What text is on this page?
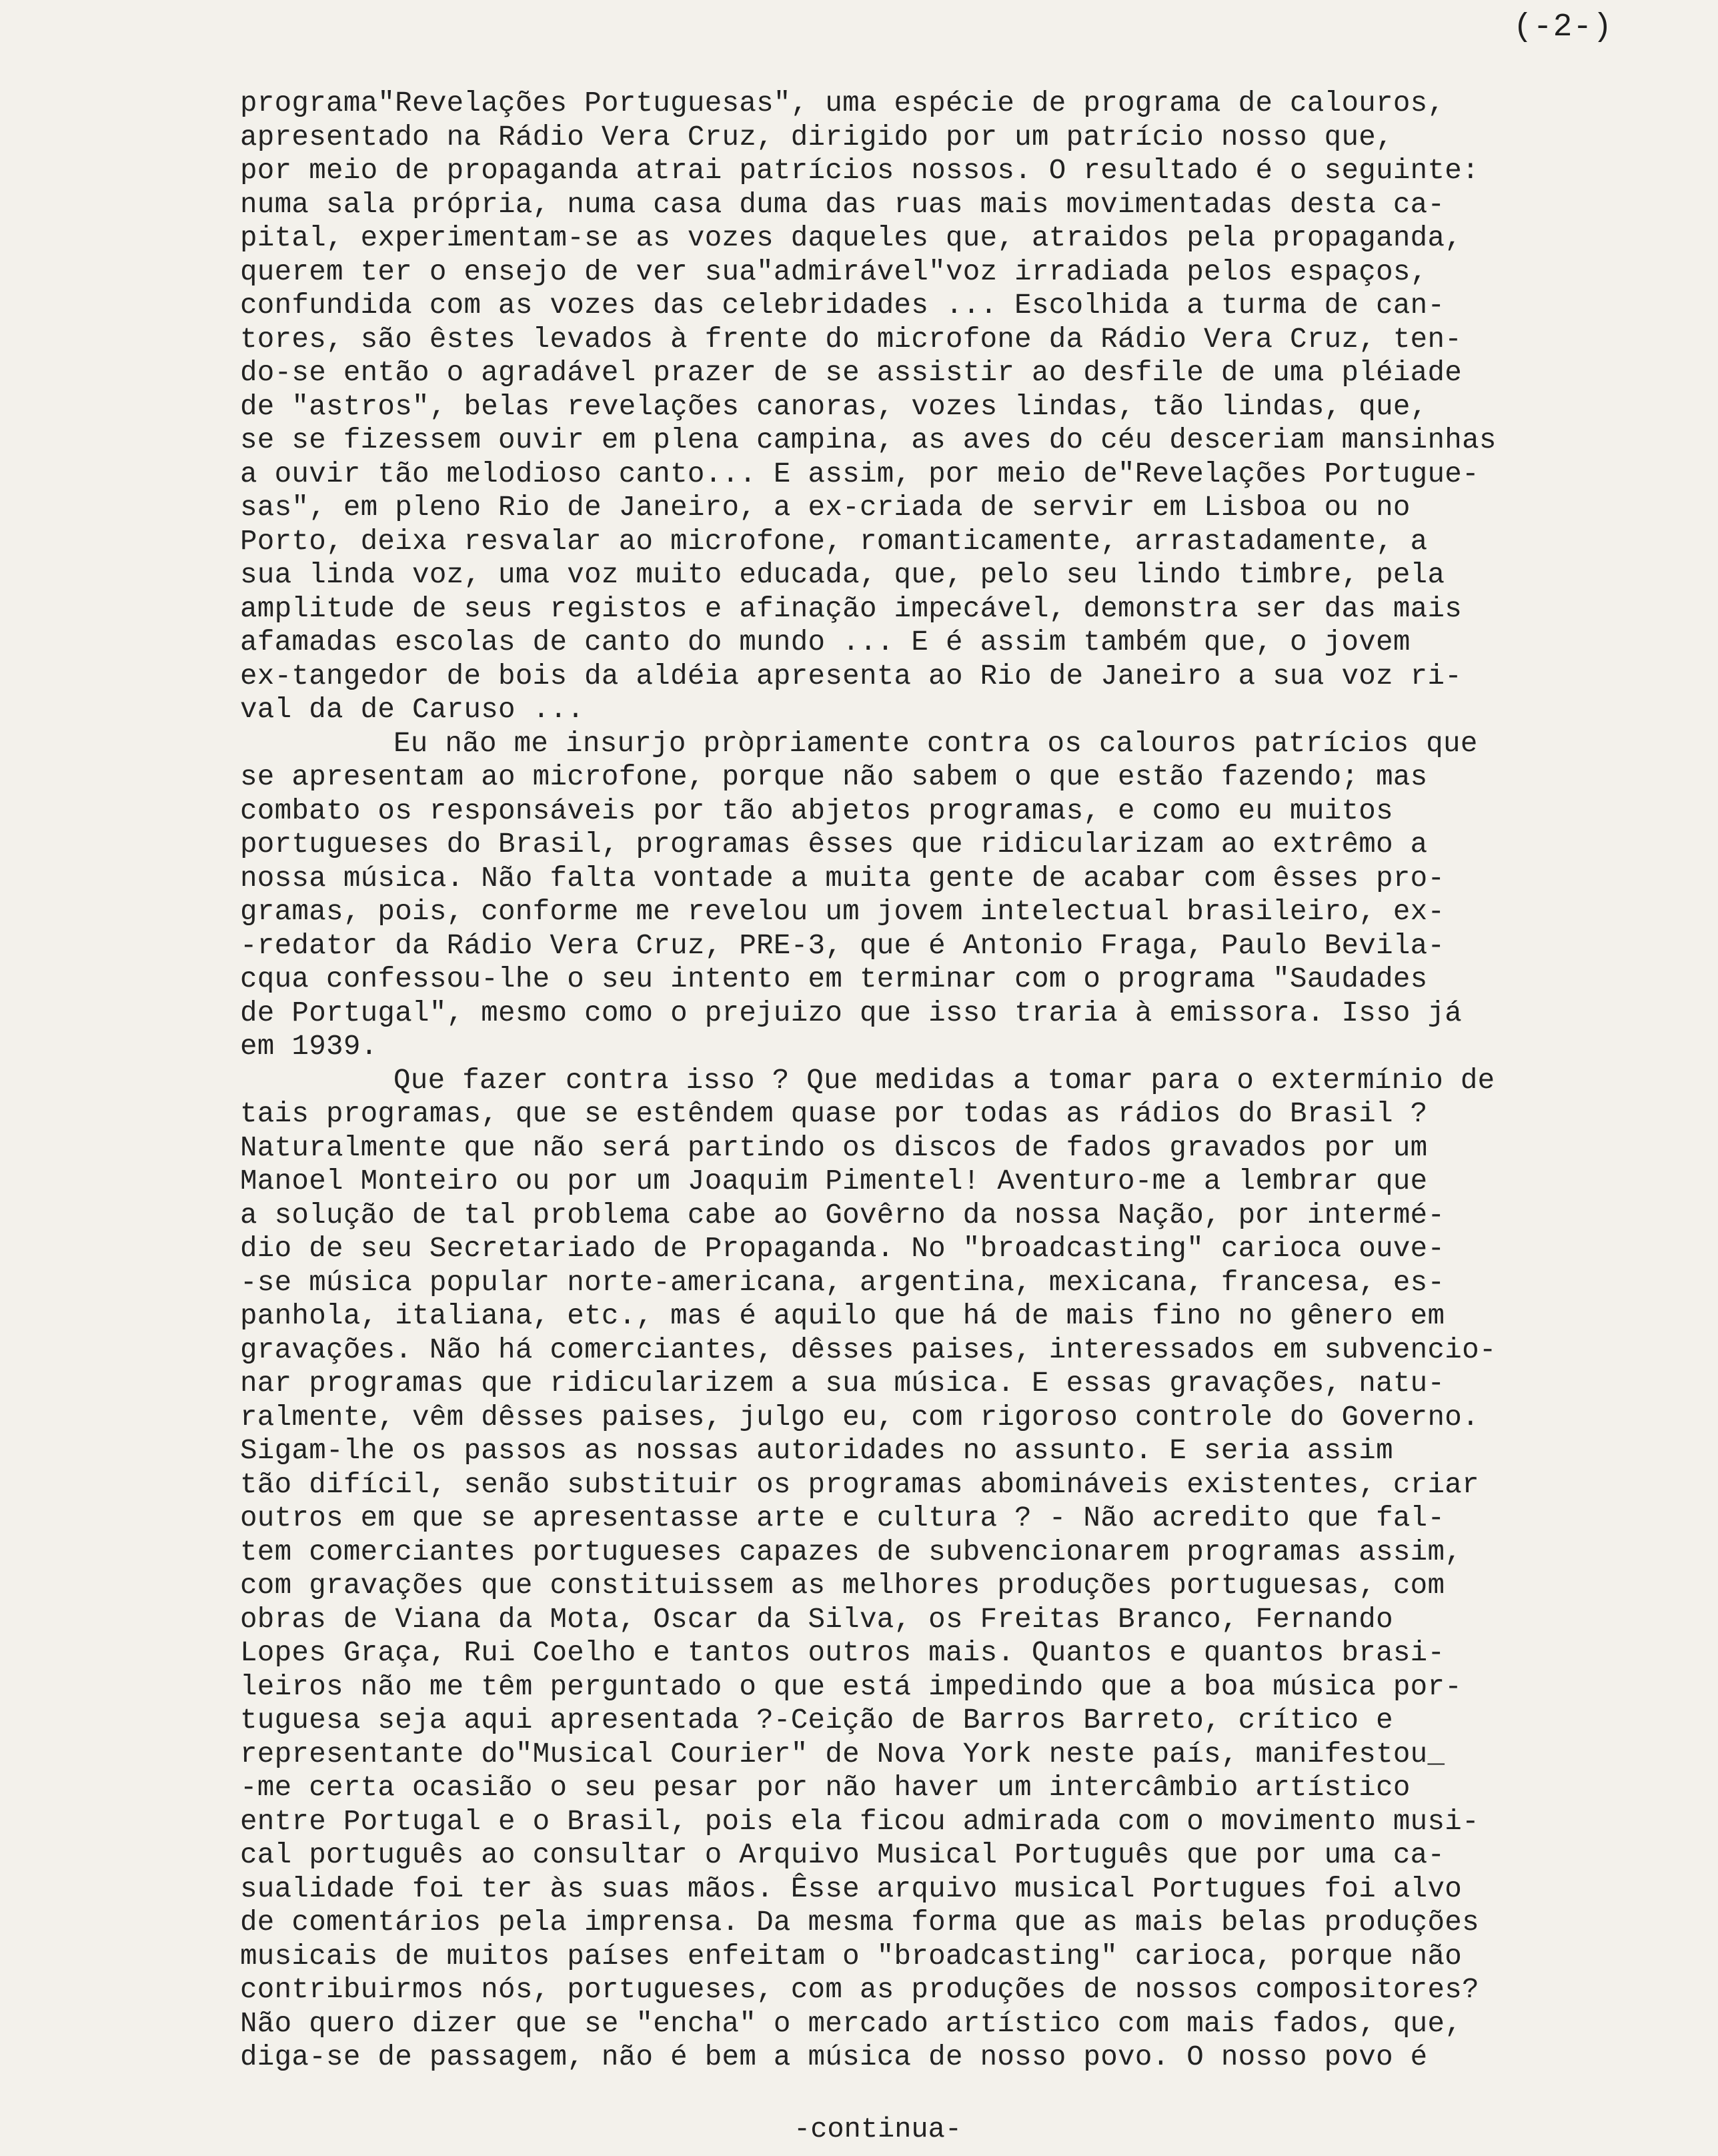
(-2-)
programa"Revelações Portuguesas", uma espécie de programa de calouros,
apresentado na Rádio Vera Cruz, dirigido por um patrício nosso que,
por meio de propaganda atrai patrícios nossos. O resultado é o seguinte:
numa sala própria, numa casa duma das ruas mais movimentadas desta ca-
pital, experimentam-se as vozes daqueles que, atraidos pela propaganda,
querem ter o ensejo de ver sua"admirável"voz irradiada pelos espaços,
confundida com as vozes das celebridades ... Escolhida a turma de can-
tores, são êstes levados à frente do microfone da Rádio Vera Cruz, ten-
do-se então o agradável prazer de se assistir ao desfile de uma pléiade
de "astros", belas revelações canoras, vozes lindas, tão lindas, que,
se se fizessem ouvir em plena campina, as aves do céu desceriam mansinhas
a ouvir tão melodioso canto... E assim, por meio de"Revelações Portugue-
sas", em pleno Rio de Janeiro, a ex-criada de servir em Lisboa ou no
Porto, deixa resvalar ao microfone, romanticamente, arrastadamente, a
sua linda voz, uma voz muito educada, que, pelo seu lindo timbre, pela
amplitude de seus registos e afinação impecável, demonstra ser das mais
afamadas escolas de canto do mundo ... E é assim também que, o jovem
ex-tangedor de bois da aldéia apresenta ao Rio de Janeiro a sua voz ri-
val da de Caruso ...
Eu não me insurjo pròpriamente contra os calouros patrícios que
se apresentam ao microfone, porque não sabem o que estão fazendo; mas
combato os responsáveis por tão abjetos programas, e como eu muitos
portugueses do Brasil, programas êsses que ridicularizam ao extrêmo a
nossa música. Não falta vontade a muita gente de acabar com êsses pro-
gramas, pois, conforme me revelou um jovem intelectual brasileiro, ex-
-redator da Rádio Vera Cruz, PRE-3, que é Antonio Fraga, Paulo Bevila-
cqua confessou-lhe o seu intento em terminar com o programa "Saudades
de Portugal", mesmo como o prejuizo que isso traria à emissora. Isso já
em 1939.
Que fazer contra isso ? Que medidas a tomar para o extermínio de
tais programas, que se estêndem quase por todas as rádios do Brasil ?
Naturalmente que não será partindo os discos de fados gravados por um
Manoel Monteiro ou por um Joaquim Pimentel! Aventuro-me a lembrar que
a solução de tal problema cabe ao Govêrno da nossa Nação, por intermé-
dio de seu Secretariado de Propaganda. No "broadcasting" carioca ouve-
-se música popular norte-americana, argentina, mexicana, francesa, es-
panhola, italiana, etc., mas é aquilo que há de mais fino no gênero em
gravações. Não há comerciantes, dêsses paises, interessados em subvencio-
nar programas que ridicularizem a sua música. E essas gravações, natu-
ralmente, vêm dêsses paises, julgo eu, com rigoroso controle do Governo.
Sigam-lhe os passos as nossas autoridades no assunto. E seria assim
tão difícil, senão substituir os programas abomináveis existentes, criar
outros em que se apresentasse arte e cultura ? - Não acredito que fal-
tem comerciantes portugueses capazes de subvencionarem programas assim,
com gravações que constituissem as melhores produções portuguesas, com
obras de Viana da Mota, Oscar da Silva, os Freitas Branco, Fernando
Lopes Graça, Rui Coelho e tantos outros mais. Quantos e quantos brasi-
leiros não me têm perguntado o que está impedindo que a boa música por-
tuguesa seja aqui apresentada ?-Ceição de Barros Barreto, crítico e
representante do"Musical Courier" de Nova York neste país, manifestou_
-me certa ocasião o seu pesar por não haver um intercâmbio artístico
entre Portugal e o Brasil, pois ela ficou admirada com o movimento musi-
cal português ao consultar o Arquivo Musical Português que por uma ca-
sualidade foi ter às suas mãos. Êsse arquivo musical Portugues foi alvo
de comentários pela imprensa. Da mesma forma que as mais belas produções
musicais de muitos países enfeitam o "broadcasting" carioca, porque não
contribuirmos nós, portugueses, com as produções de nossos compositores?
Não quero dizer que se "encha" o mercado artístico com mais fados, que,
diga-se de passagem, não é bem a música de nosso povo. O nosso povo é
-continua-
